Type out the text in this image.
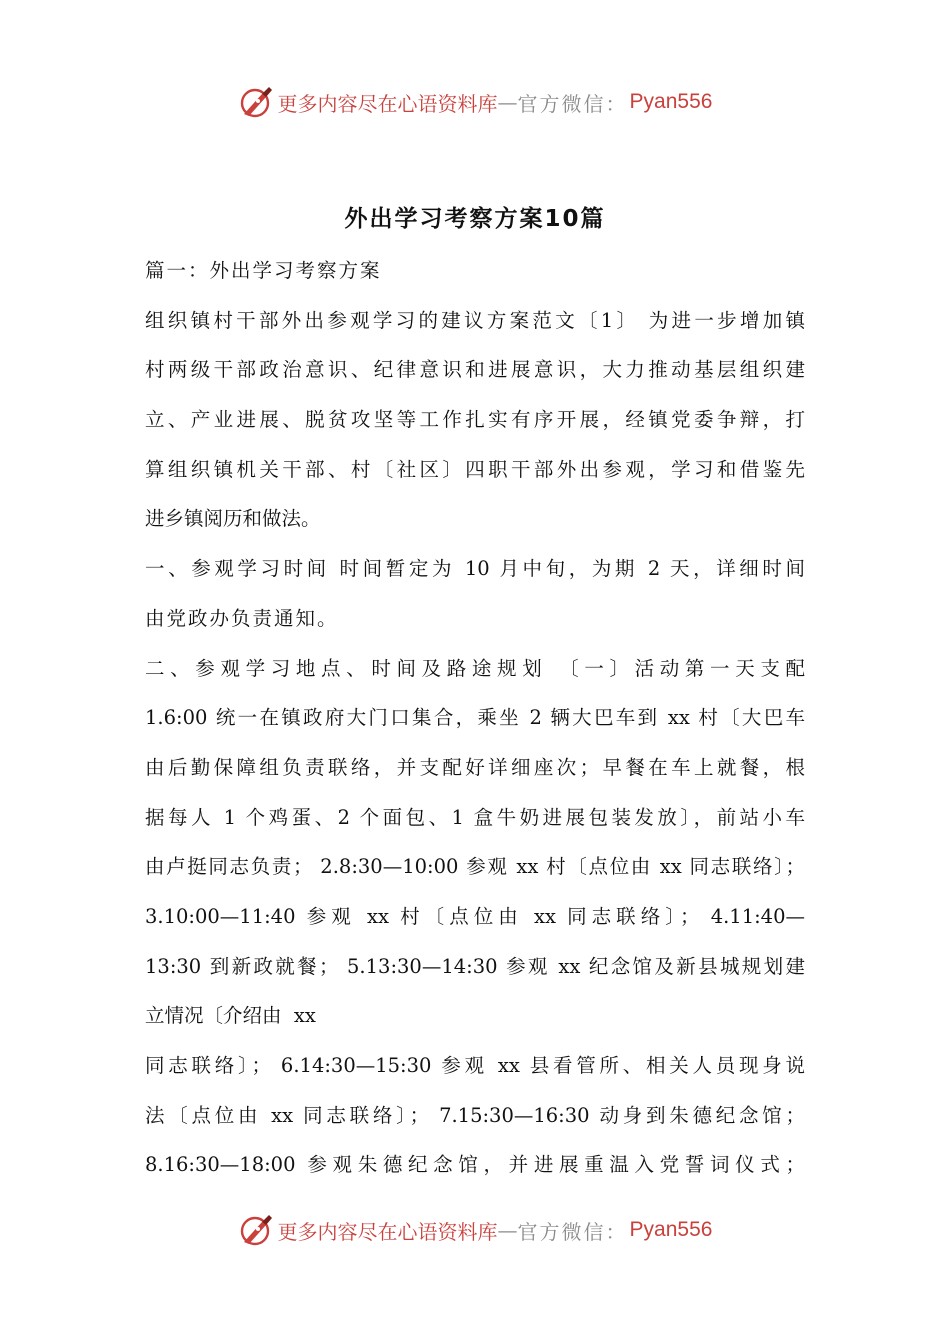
更多内容尽在心语资料库 — 官方微信： Pyan556
外出学习考察方案10篇
篇一：外出学习考察方案
组织镇村干部外出参观学习的建议方案范文〔1〕 为进一步增加镇
村两级干部政治意识、纪律意识和进展意识，大力推动基层组织建
立、产业进展、脱贫攻坚等工作扎实有序开展，经镇党委争辩，打
算组织镇机关干部、村〔社区〕四职干部外出参观，学习和借鉴先
进乡镇阅历和做法。
一、参观学习时间 时间暂定为 10 月中旬，为期 2 天，详细时间
由党政办负责通知。
二、参观学习地点、时间及路途规划 〔一〕活动第一天支配
1.6:00 统一在镇政府大门口集合，乘坐 2 辆大巴车到 xx 村〔大巴车
由后勤保障组负责联络，并支配好详细座次；早餐在车上就餐，根
据每人 1 个鸡蛋、2 个面包、1 盒牛奶进展包装发放〕，前站小车
由卢挺同志负责； 2.8:30—10:00 参观 xx 村〔点位由 xx 同志联络〕；
3.10:00—11:40 参观 xx 村〔点位由 xx 同志联络〕； 4.11:40—
13:30 到新政就餐； 5.13:30—14:30 参观 xx 纪念馆及新县城规划建
立情况〔介绍由  xx
同志联络〕； 6.14:30—15:30 参观 xx 县看管所、相关人员现身说
法〔点位由 xx 同志联络〕； 7.15:30—16:30 动身到朱德纪念馆；
8.16:30—18:00 参观朱德纪念馆，并进展重温入党誓词仪式；
更多内容尽在心语资料库 — 官方微信： Pyan556
